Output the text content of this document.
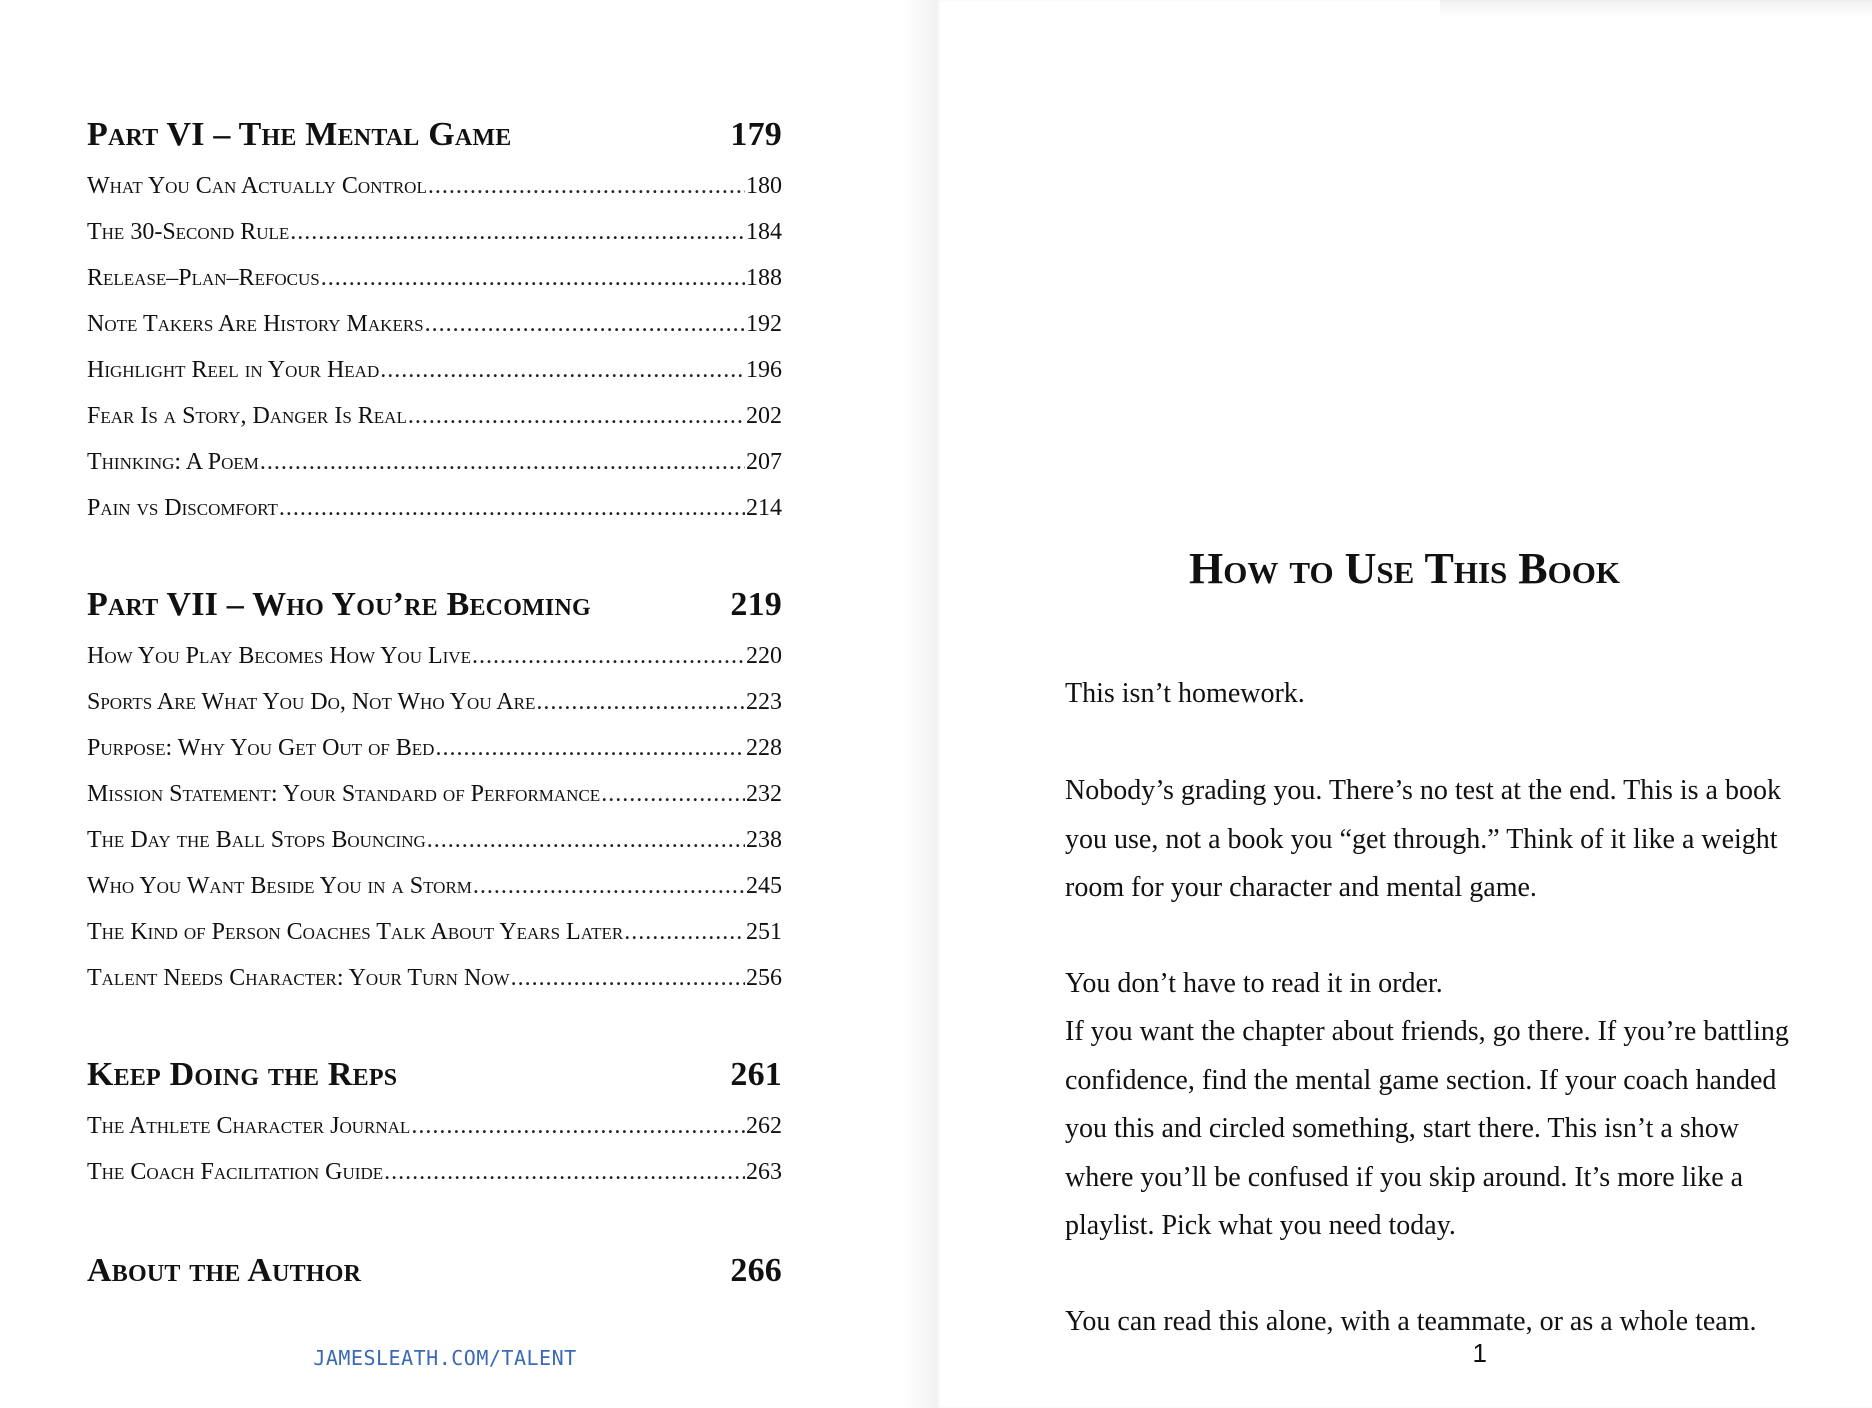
Part VI – The Mental Game	179
What You Can Actually Control .....	180
The 30-Second Rule .....	184
Release–Plan–Refocus .....	188
Note Takers Are History Makers .....	192
Highlight Reel in Your Head .....	196
Fear Is a Story, Danger Is Real .....	202
Thinking: A Poem .....	207
Pain vs Discomfort .....	214
Part VII – Who You’re Becoming	219
How You Play Becomes How You Live .....	220
Sports Are What You Do, Not Who You Are .....	223
Purpose: Why You Get Out of Bed .....	228
Mission Statement: Your Standard of Performance .....	232
The Day the Ball Stops Bouncing .....	238
Who You Want Beside You in a Storm .....	245
The Kind of Person Coaches Talk About Years Later .....	251
Talent Needs Character: Your Turn Now .....	256
Keep Doing the Reps	261
The Athlete Character Journal .....	262
The Coach Facilitation Guide .....	263
About the Author	266
JAMESLEATH.COM/TALENT
How to Use This Book
This isn’t homework.
Nobody’s grading you. There’s no test at the end. This is a book you use, not a book you “get through.” Think of it like a weight room for your character and mental game.
You don’t have to read it in order.
If you want the chapter about friends, go there. If you’re battling confidence, find the mental game section. If your coach handed you this and circled something, start there. This isn’t a show where you’ll be confused if you skip around. It’s more like a playlist. Pick what you need today.
You can read this alone, with a teammate, or as a whole team.
1
